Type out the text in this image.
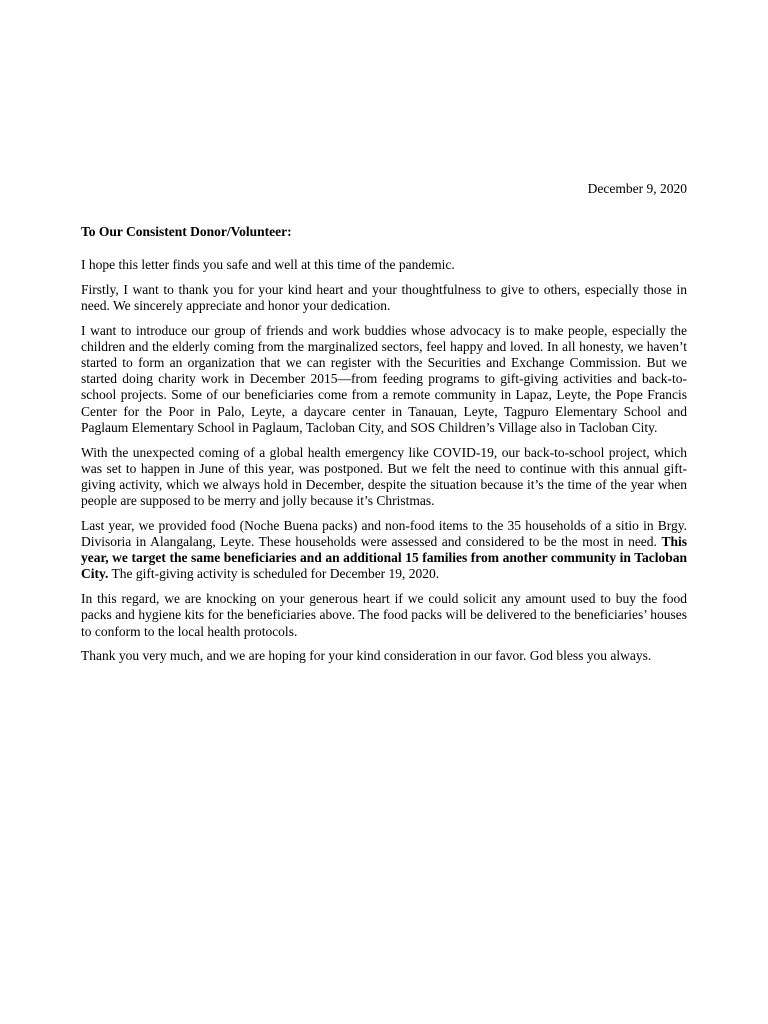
December 9, 2020
To Our Consistent Donor/Volunteer:

I hope this letter finds you safe and well at this time of the pandemic.

Firstly, I want to thank you for your kind heart and your thoughtfulness to give to others, especially those in need. We sincerely appreciate and honor your dedication.

I want to introduce our group of friends and work buddies whose advocacy is to make people, especially the children and the elderly coming from the marginalized sectors, feel happy and loved. In all honesty, we haven’t started to form an organization that we can register with the Securities and Exchange Commission. But we started doing charity work in December 2015—from feeding programs to gift-giving activities and back-to-school projects. Some of our beneficiaries come from a remote community in Lapaz, Leyte, the Pope Francis Center for the Poor in Palo, Leyte, a daycare center in Tanauan, Leyte, Tagpuro Elementary School and Paglaum Elementary School in Paglaum, Tacloban City, and SOS Children’s Village also in Tacloban City.

With the unexpected coming of a global health emergency like COVID-19, our back-to-school project, which was set to happen in June of this year, was postponed. But we felt the need to continue with this annual gift-giving activity, which we always hold in December, despite the situation because it’s the time of the year when people are supposed to be merry and jolly because it’s Christmas.

Last year, we provided food (Noche Buena packs) and non-food items to the 35 households of a sitio in Brgy. Divisoria in Alangalang, Leyte. These households were assessed and considered to be the most in need. This year, we target the same beneficiaries and an additional 15 families from another community in Tacloban City. The gift-giving activity is scheduled for December 19, 2020.

In this regard, we are knocking on your generous heart if we could solicit any amount used to buy the food packs and hygiene kits for the beneficiaries above. The food packs will be delivered to the beneficiaries’ houses to conform to the local health protocols.

Thank you very much, and we are hoping for your kind consideration in our favor. God bless you always.
